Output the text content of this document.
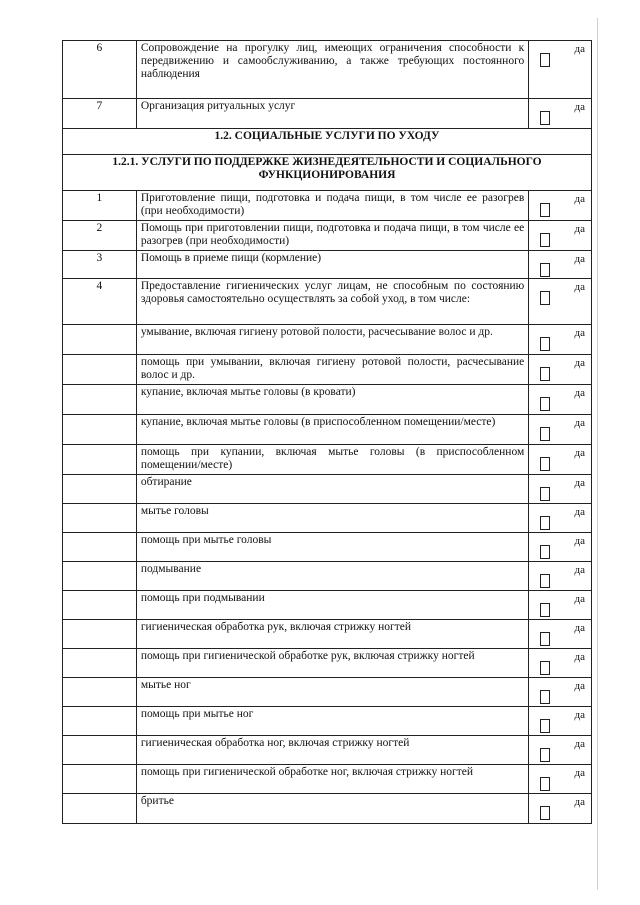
6	Сопровождение на прогулку лиц, имеющих ограничения способности к передвижению и самообслуживанию, а также требующих постоянного наблюдения	да

7	Организация ритуальных услуг	да

1.2. СОЦИАЛЬНЫЕ УСЛУГИ ПО УХОДУ		
1.2.1. УСЛУГИ ПО ПОДДЕРЖКЕ ЖИЗНЕДЕЯТЕЛЬНОСТИ И СОЦИАЛЬНОГО ФУНКЦИОНИРОВАНИЯ		
1	Приготовление пищи, подготовка и подача пищи, в том числе ее разогрев (при необходимости)	да

2	Помощь при приготовлении пищи, подготовка и подача пищи, в том числе ее разогрев (при необходимости)	да

3	Помощь в приеме пищи (кормление)	да

4	Предоставление гигиенических услуг лицам, не способным по состоянию здоровья самостоятельно осуществлять за собой уход, в том числе:	да

	умывание, включая гигиену ротовой полости, расчесывание волос и др.	да

	помощь при умывании, включая гигиену ротовой полости, расчесывание волос и др.	да

	купание, включая мытье головы (в кровати)	да

	купание, включая мытье головы (в приспособленном помещении/месте)	да

	помощь при купании, включая мытье головы (в приспособленном помещении/месте)	да

	обтирание	да

	мытье головы	да

	помощь при мытье головы	да

	подмывание	да

	помощь при подмывании	да

	гигиеническая обработка рук, включая стрижку ногтей	да

	помощь при гигиенической обработке рук, включая стрижку ногтей	да

	мытье ног	да

	помощь при мытье ног	да

	гигиеническая обработка ног, включая стрижку ногтей	да

	помощь при гигиенической обработке ног, включая стрижку ногтей	да

	бритье	да
